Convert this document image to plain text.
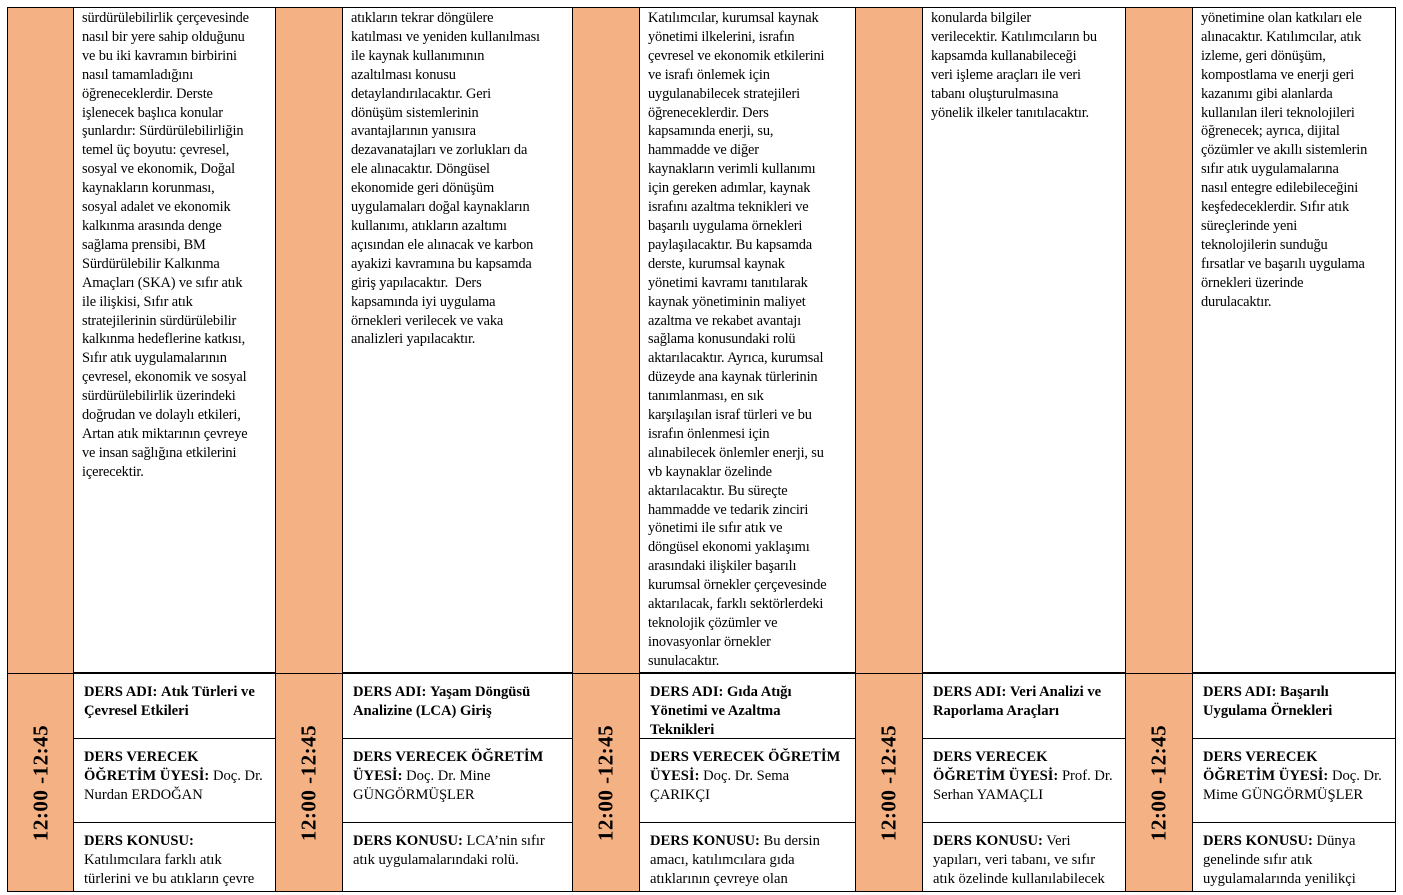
sürdürülebilirlik çerçevesinde
nasıl bir yere sahip olduğunu
ve bu iki kavramın birbirini
nasıl tamamladığını
öğreneceklerdir. Derste
işlenecek başlıca konular
şunlardır: Sürdürülebilirliğin
temel üç boyutu: çevresel,
sosyal ve ekonomik, Doğal
kaynakların korunması,
sosyal adalet ve ekonomik
kalkınma arasında denge
sağlama prensibi, BM
Sürdürülebilir Kalkınma
Amaçları (SKA) ve sıfır atık
ile ilişkisi, Sıfır atık
stratejilerinin sürdürülebilir
kalkınma hedeflerine katkısı,
Sıfır atık uygulamalarının
çevresel, ekonomik ve sosyal
sürdürülebilirlik üzerindeki
doğrudan ve dolaylı etkileri,
Artan atık miktarının çevreye
ve insan sağlığına etkilerini
içerecektir.
12:00 -12:45
DERS ADI: Atık Türleri ve Çevresel Etkileri
DERS VERECEK ÖĞRETİM ÜYESİ: Doç. Dr. Nurdan ERDOĞAN
DERS KONUSU: Katılımcılara farklı atık türlerini ve bu atıkların çevre
atıkların tekrar döngülere
katılması ve yeniden kullanılması
ile kaynak kullanımının
azaltılması konusu
detaylandırılacaktır. Geri
dönüşüm sistemlerinin
avantajlarının yanısıra
dezavanatajları ve zorlukları da
ele alınacaktır. Döngüsel
ekonomide geri dönüşüm
uygulamaları doğal kaynakların
kullanımı, atıkların azaltımı
açısından ele alınacak ve karbon
ayakizi kavramına bu kapsamda
giriş yapılacaktır.  Ders
kapsamında iyi uygulama
örnekleri verilecek ve vaka
analizleri yapılacaktır.
12:00 -12:45
DERS ADI: Yaşam Döngüsü Analizine (LCA) Giriş
DERS VERECEK ÖĞRETİM ÜYESİ: Doç. Dr. Mine GÜNGÖRMÜŞLER
DERS KONUSU: LCA’nin sıfır atık uygulamalarındaki rolü.
Katılımcılar, kurumsal kaynak
yönetimi ilkelerini, israfın
çevresel ve ekonomik etkilerini
ve israfı önlemek için
uygulanabilecek stratejileri
öğreneceklerdir. Ders
kapsamında enerji, su,
hammadde ve diğer
kaynakların verimli kullanımı
için gereken adımlar, kaynak
israfını azaltma teknikleri ve
başarılı uygulama örnekleri
paylaşılacaktır. Bu kapsamda
derste, kurumsal kaynak
yönetimi kavramı tanıtılarak
kaynak yönetiminin maliyet
azaltma ve rekabet avantajı
sağlama konusundaki rolü
aktarılacaktır. Ayrıca, kurumsal
düzeyde ana kaynak türlerinin
tanımlanması, en sık
karşılaşılan israf türleri ve bu
israfın önlenmesi için
alınabilecek önlemler enerji, su
vb kaynaklar özelinde
aktarılacaktır. Bu süreçte
hammadde ve tedarik zinciri
yönetimi ile sıfır atık ve
döngüsel ekonomi yaklaşımı
arasındaki ilişkiler başarılı
kurumsal örnekler çerçevesinde
aktarılacak, farklı sektörlerdeki
teknolojik çözümler ve
inovasyonlar örnekler
sunulacaktır.
12:00 -12:45
DERS ADI: Gıda Atığı Yönetimi ve Azaltma Teknikleri
DERS VERECEK ÖĞRETİM ÜYESİ: Doç. Dr. Sema ÇARIKÇI
DERS KONUSU: Bu dersin amacı, katılımcılara gıda atıklarının çevreye olan
konularda bilgiler
verilecektir. Katılımcıların bu
kapsamda kullanabileceği
veri işleme araçları ile veri
tabanı oluşturulmasına
yönelik ilkeler tanıtılacaktır.
12:00 -12:45
DERS ADI: Veri Analizi ve Raporlama Araçları
DERS VERECEK ÖĞRETİM ÜYESİ: Prof. Dr. Serhan YAMAÇLI
DERS KONUSU: Veri yapıları, veri tabanı, ve sıfır atık özelinde kullanılabilecek
yönetimine olan katkıları ele
alınacaktır. Katılımcılar, atık
izleme, geri dönüşüm,
kompostlama ve enerji geri
kazanımı gibi alanlarda
kullanılan ileri teknolojileri
öğrenecek; ayrıca, dijital
çözümler ve akıllı sistemlerin
sıfır atık uygulamalarına
nasıl entegre edilebileceğini
keşfedeceklerdir. Sıfır atık
süreçlerinde yeni
teknolojilerin sunduğu
fırsatlar ve başarılı uygulama
örnekleri üzerinde
durulacaktır.
12:00 -12:45
DERS ADI: Başarılı Uygulama Örnekleri
DERS VERECEK ÖĞRETİM ÜYESİ: Doç. Dr. Mime GÜNGÖRMÜŞLER
DERS KONUSU: Dünya genelinde sıfır atık uygulamalarında yenilikçi
